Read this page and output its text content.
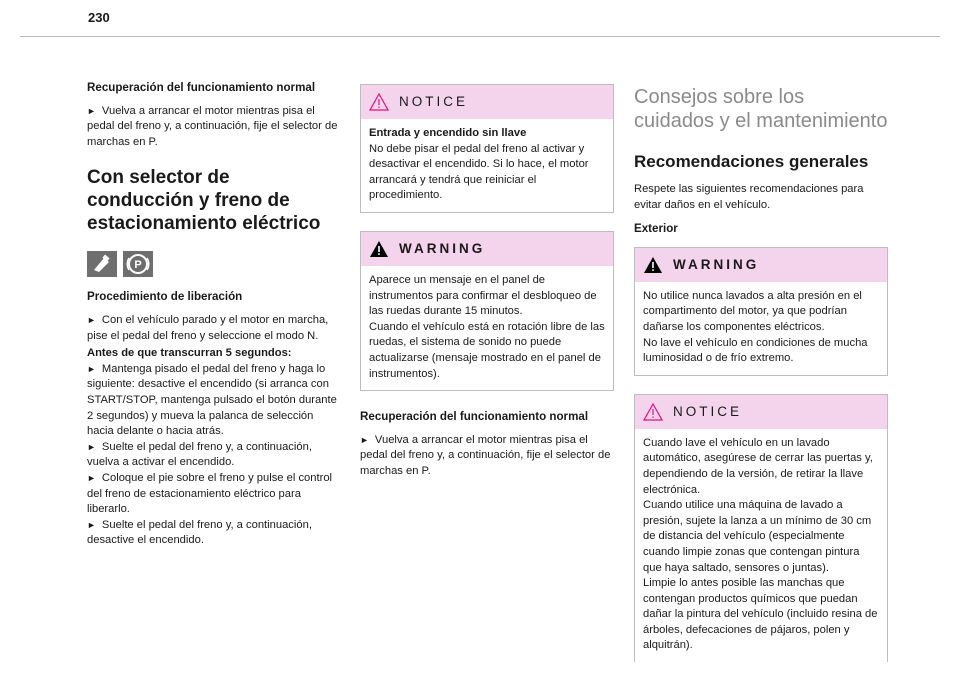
230
Recuperación del funcionamiento normal

► Vuelva a arrancar el motor mientras pisa el pedal del freno y, a continuación, fije el selector de marchas en P.

Con selector de conducción y freno de estacionamiento eléctrico
P
Procedimiento de liberación

► Con el vehículo parado y el motor en marcha, pise el pedal del freno y seleccione el modo N.

Antes de que transcurran 5 segundos:
► Mantenga pisado el pedal del freno y haga lo siguiente: desactive el encendido (si arranca con START/STOP, mantenga pulsado el botón durante 2 segundos) y mueva la palanca de selección hacia delante o hacia atrás.
► Suelte el pedal del freno y, a continuación, vuelva a activar el encendido.
► Coloque el pie sobre el freno y pulse el control del freno de estacionamiento eléctrico para liberarlo.
► Suelte el pedal del freno y, a continuación, desactive el encendido.
NOTICE
Entrada y encendido sin llave
No debe pisar el pedal del freno al activar y desactivar el encendido. Si lo hace, el motor arrancará y tendrá que reiniciar el procedimiento.
WARNING
Aparece un mensaje en el panel de instrumentos para confirmar el desbloqueo de las ruedas durante 15 minutos.
Cuando el vehículo está en rotación libre de las ruedas, el sistema de sonido no puede actualizarse (mensaje mostrado en el panel de instrumentos).
Recuperación del funcionamiento normal

► Vuelva a arrancar el motor mientras pisa el pedal del freno y, a continuación, fije el selector de marchas en P.

Consejos sobre los cuidados y el mantenimiento
Recomendaciones generales

Respete las siguientes recomendaciones para evitar daños en el vehículo.

Exterior
WARNING
No utilice nunca lavados a alta presión en el compartimento del motor, ya que podrían dañarse los componentes eléctricos.
No lave el vehículo en condiciones de mucha luminosidad o de frío extremo.
NOTICE
Cuando lave el vehículo en un lavado automático, asegúrese de cerrar las puertas y, dependiendo de la versión, de retirar la llave electrónica.
Cuando utilice una máquina de lavado a presión, sujete la lanza a un mínimo de 30 cm de distancia del vehículo (especialmente cuando limpie zonas que contengan pintura que haya saltado, sensores o juntas).
Limpie lo antes posible las manchas que contengan productos químicos que puedan dañar la pintura del vehículo (incluido resina de árboles, defecaciones de pájaros, polen y alquitrán).
